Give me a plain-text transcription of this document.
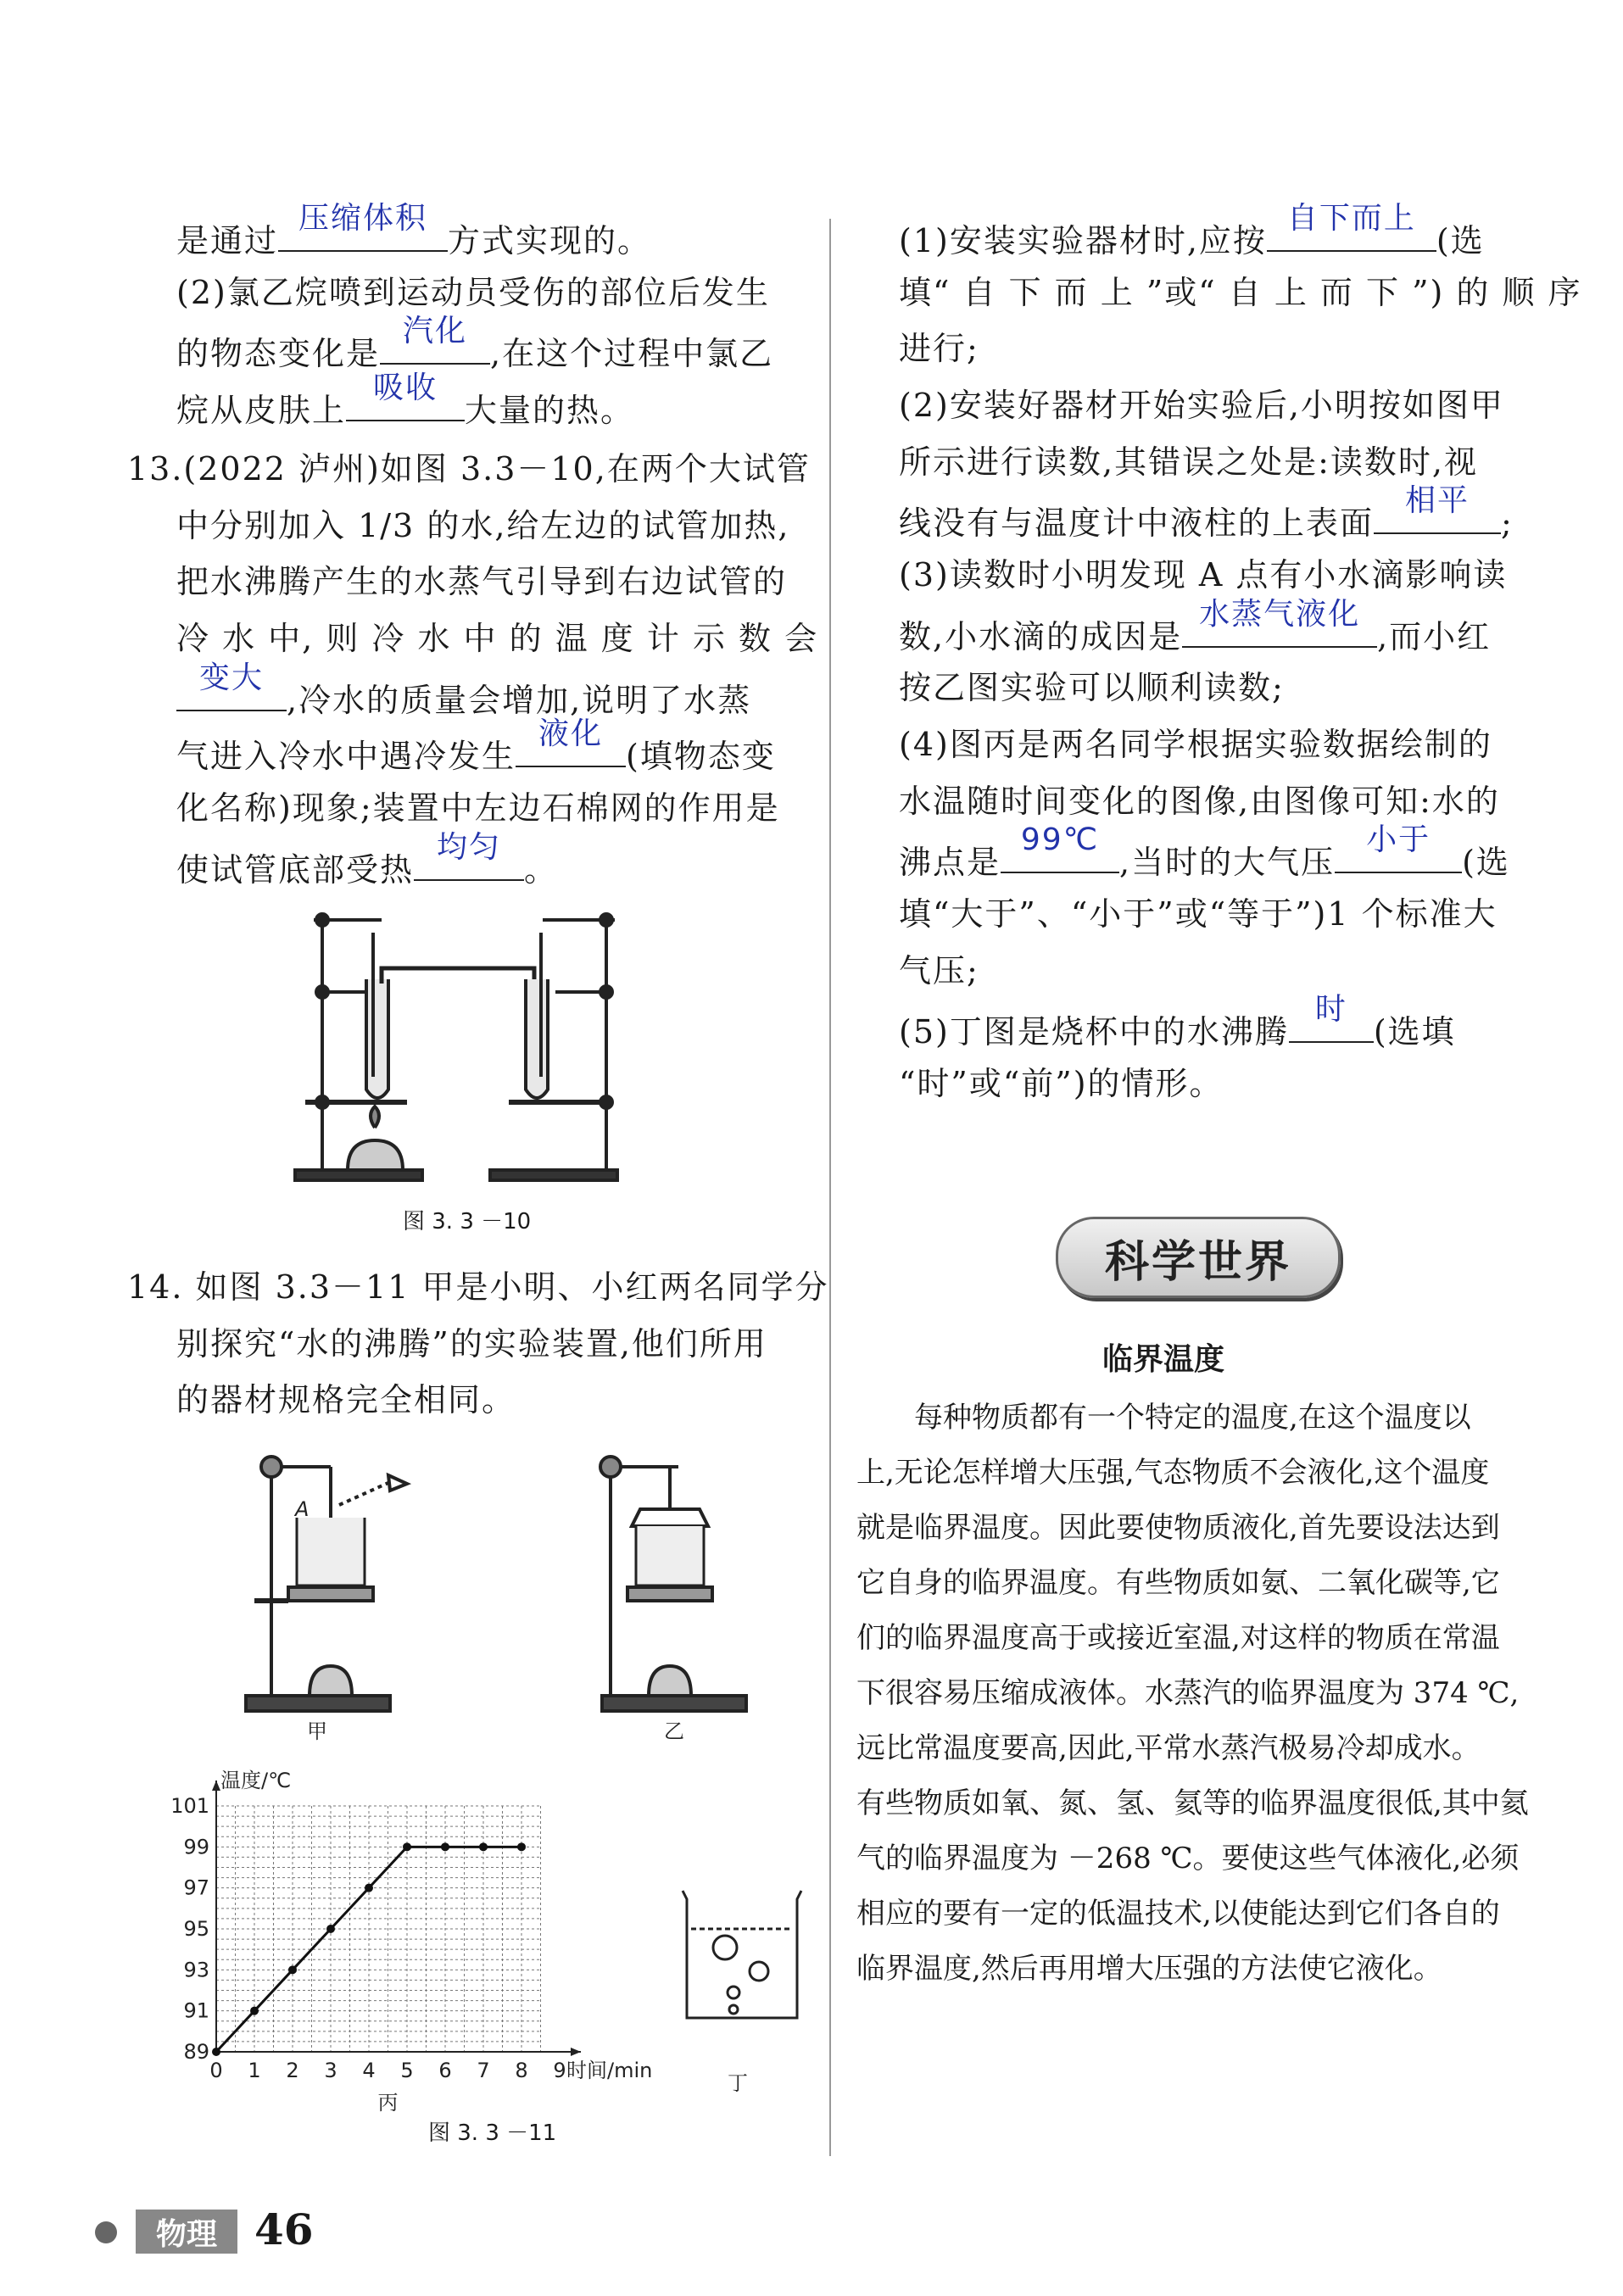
是通过
压缩体积
方式实现的。
(2)氯乙烷喷到运动员受伤的部位后发生
的物态变化是
汽化
,在这个过程中氯乙
烷从皮肤上
吸收
大量的热。
13.(2022 泸州)如图 3.3－10,在两个大试管
中分别加入 1/3 的水,给左边的试管加热,
把水沸腾产生的水蒸气引导到右边试管的
冷 水 中, 则 冷 水 中 的 温 度 计 示 数 会
变大
,冷水的质量会增加,说明了水蒸
气进入冷水中遇冷发生
液化
(填物态变
化名称)现象;装置中左边石棉网的作用是
使试管底部受热
均匀
。
图 3. 3 －10
14. 如图 3.3－11 甲是小明、小红两名同学分
别探究“水的沸腾”的实验装置,他们所用
的器材规格完全相同。
A
甲	乙
0 1 2 3 4 5 6 7 8 9
89
91
93
95
97
99
101
温度/℃
时间/min
丙
丁
图 3. 3 －11
(1)安装实验器材时,应按
自下而上
(选
填“ 自 下 而 上 ”或“ 自 上 而 下 ”) 的 顺 序
进行;
(2)安装好器材开始实验后,小明按如图甲
所示进行读数,其错误之处是:读数时,视
线没有与温度计中液柱的上表面
相平
;
(3)读数时小明发现 A 点有小水滴影响读
数,小水滴的成因是
水蒸气液化
,而小红
按乙图实验可以顺利读数;
(4)图丙是两名同学根据实验数据绘制的
水温随时间变化的图像,由图像可知:水的
沸点是
99℃
,当时的大气压
小于
(选
填“大于”、“小于”或“等于”)1 个标准大
气压;
(5)丁图是烧杯中的水沸腾
时
(选填
“时”或“前”)的情形。
科学世界
临界温度
　　每种物质都有一个特定的温度,在这个温度以
上,无论怎样增大压强,气态物质不会液化,这个温度
就是临界温度。因此要使物质液化,首先要设法达到
它自身的临界温度。有些物质如氨、二氧化碳等,它
们的临界温度高于或接近室温,对这样的物质在常温
下很容易压缩成液体。水蒸汽的临界温度为 374 ℃,
远比常温度要高,因此,平常水蒸汽极易冷却成水。
有些物质如氧、氮、氢、氦等的临界温度很低,其中氦
气的临界温度为 －268 ℃。要使这些气体液化,必须
相应的要有一定的低温技术,以使能达到它们各自的
临界温度,然后再用增大压强的方法使它液化。
物理 46
